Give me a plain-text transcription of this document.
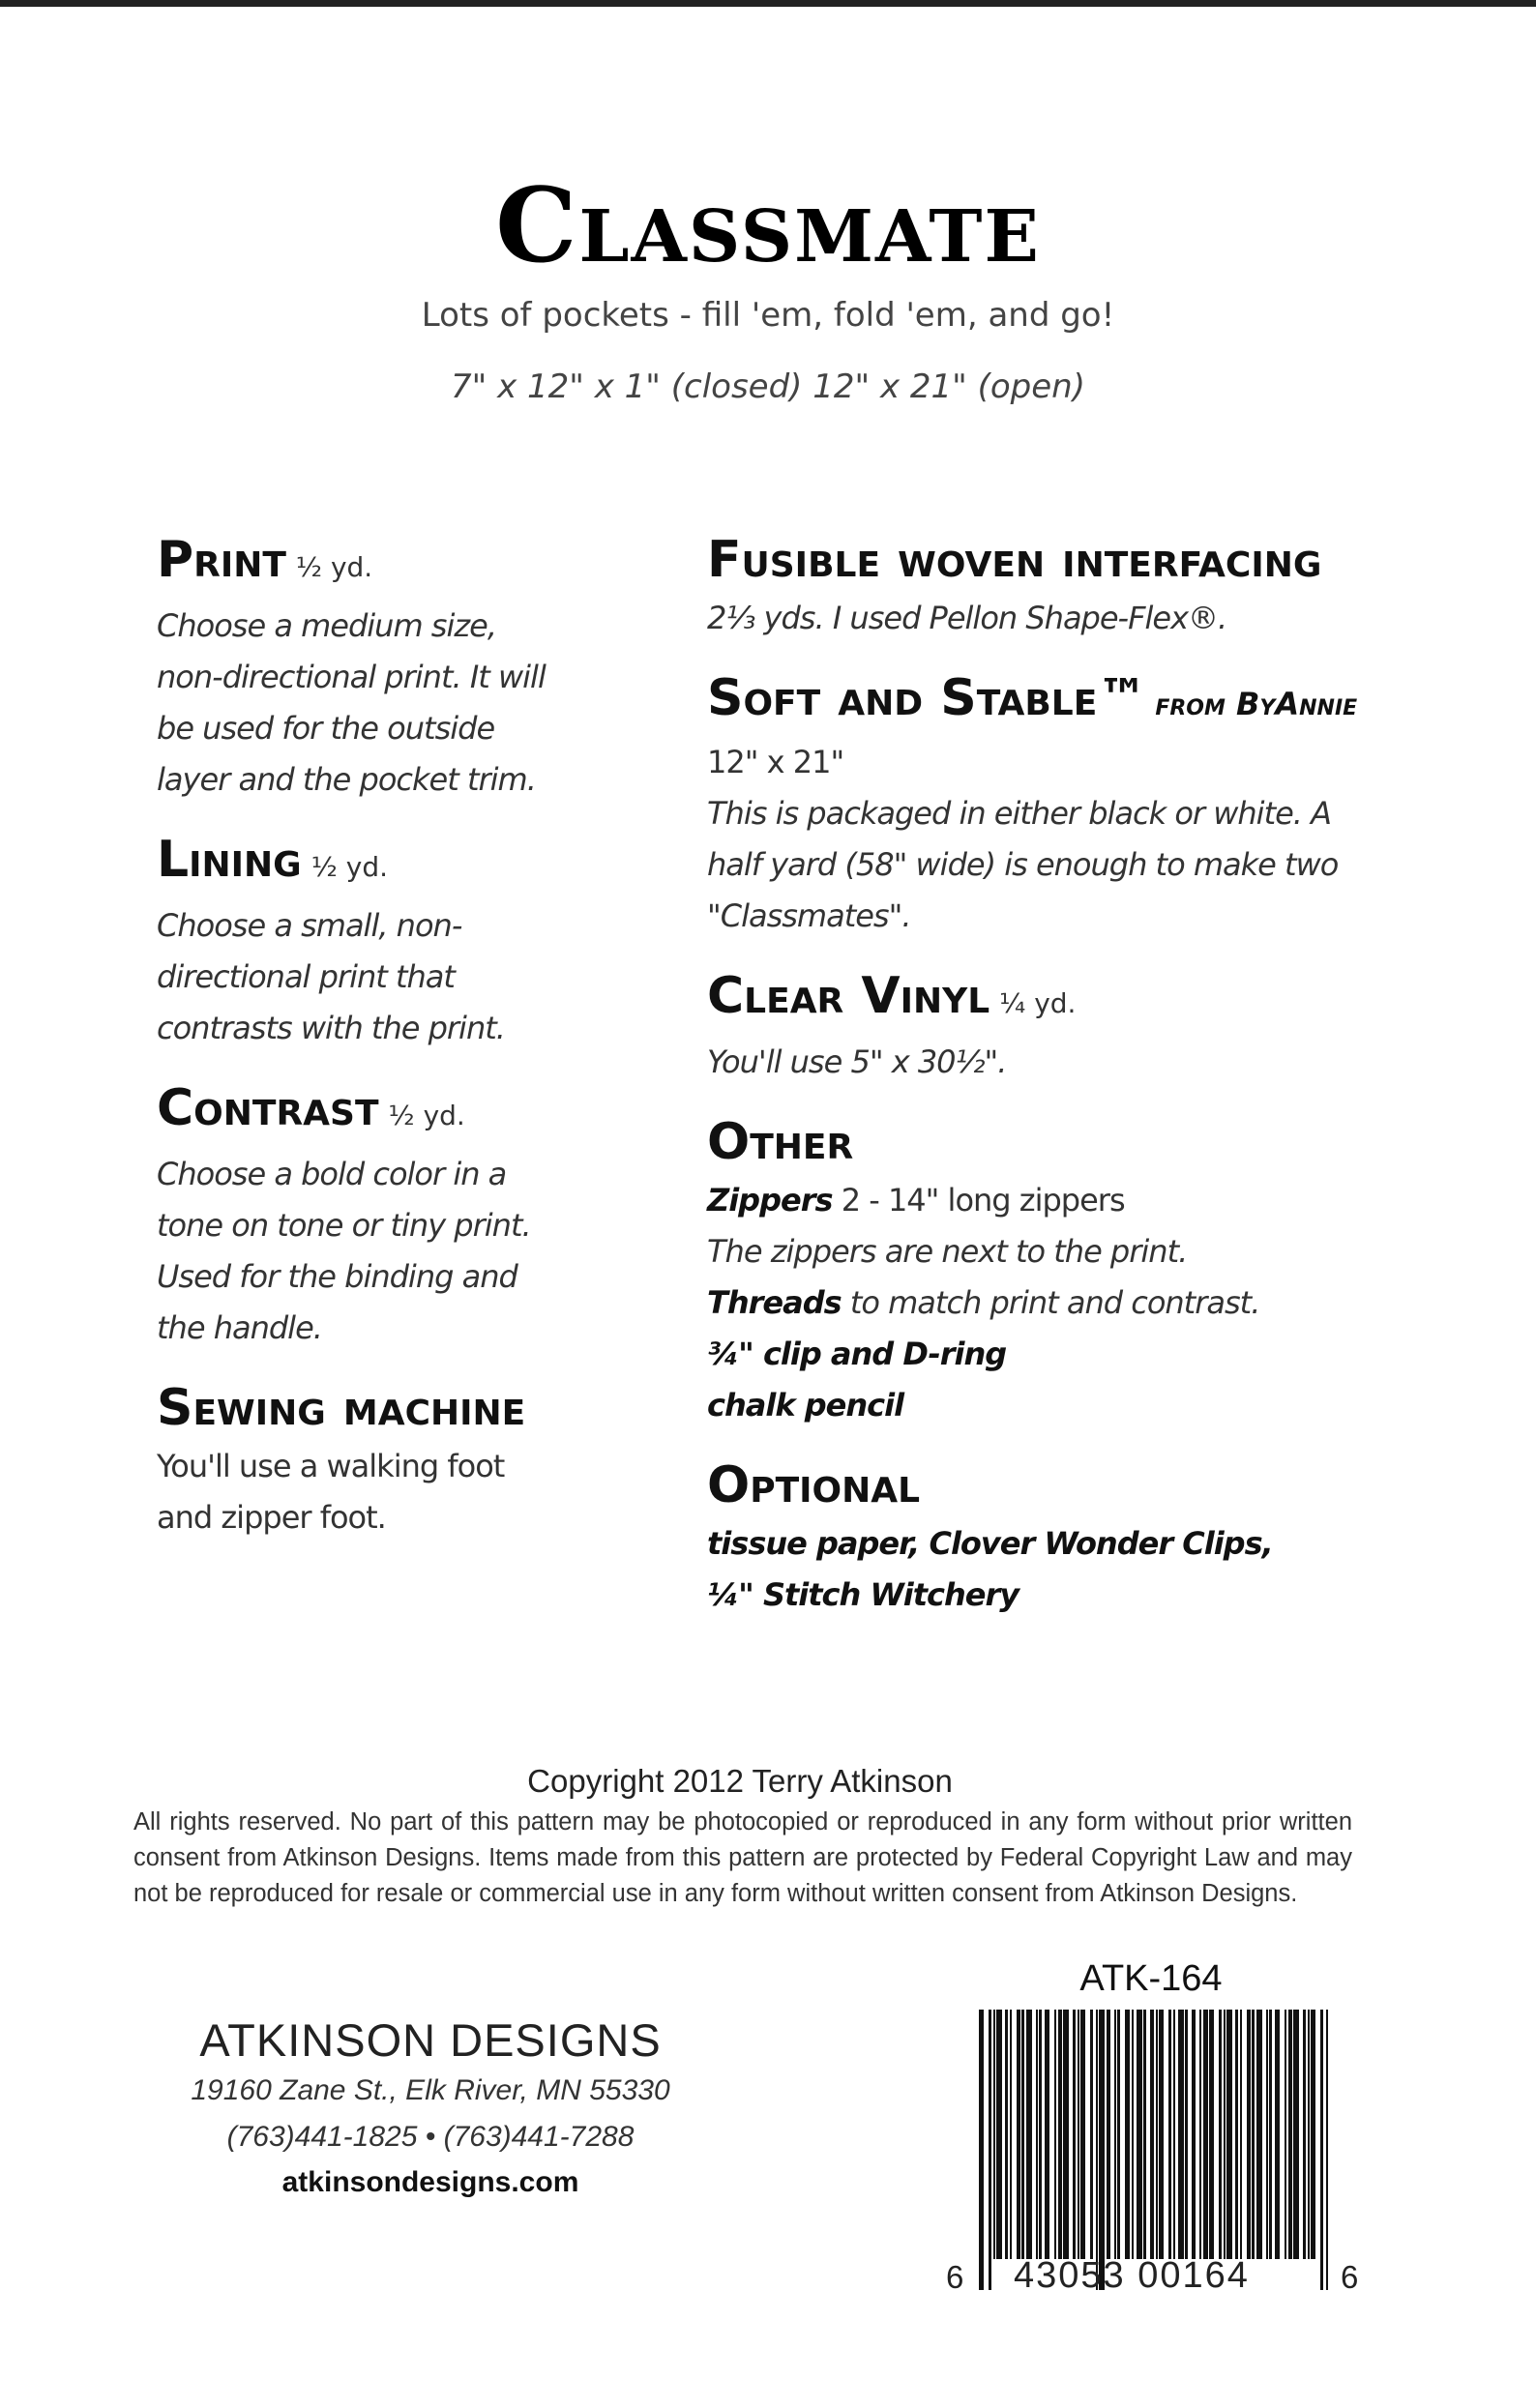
Classmate
Lots of pockets - fill 'em, fold 'em, and go!
7" x 12" x 1" (closed) 12" x 21" (open)
Print ½ yd.
Choose a medium size,
non-directional print. It will
be used for the outside
layer and the pocket trim.
Lining ½ yd.
Choose a small, non-
directional print that
contrasts with the print.
Contrast ½ yd.
Choose a bold color in a
tone on tone or tiny print.
Used for the binding and
the handle.
Sewing machine
You'll use a walking foot
and zipper foot.
Fusible woven interfacing
2⅓ yds. I used Pellon Shape-Flex®.
Soft and Stable™ from ByAnnie
12" x 21"
This is packaged in either black or white. A
half yard (58" wide) is enough to make two
"Classmates".
Clear Vinyl ¼ yd.
You'll use 5" x 30½".
Other
Zippers 2 - 14" long zippers
The zippers are next to the print.
Threads to match print and contrast.
¾" clip and D-ring
chalk pencil
Optional
tissue paper, Clover Wonder Clips,
¼" Stitch Witchery
Copyright 2012 Terry Atkinson
All rights reserved. No part of this pattern may be photocopied or reproduced in any form without prior written consent from Atkinson Designs. Items made from this pattern are protected by Federal Copyright Law and may not be reproduced for resale or commercial use in any form without written consent from Atkinson Designs.
ATKINSON DESIGNS
19160 Zane St., Elk River, MN 55330
(763)441-1825 • (763)441-7288
atkinsondesigns.com
ATK-164
6 43053 00164	6
